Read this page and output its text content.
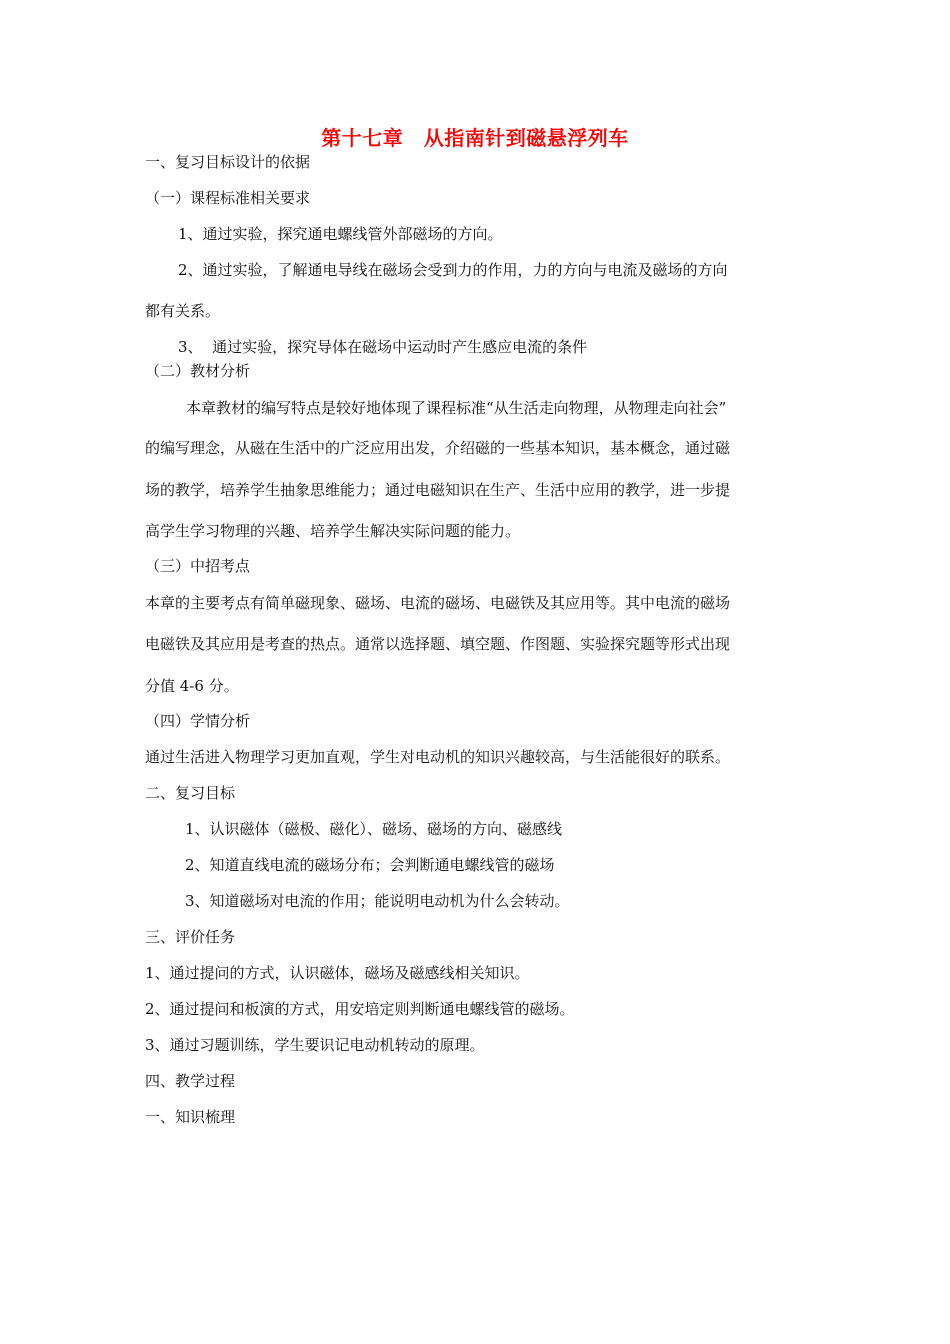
第十七章　从指南针到磁悬浮列车
一、复习目标设计的依据
（一）课程标准相关要求
1、通过实验，探究通电螺线管外部磁场的方向。
2、通过实验，了解通电导线在磁场会受到力的作用，力的方向与电流及磁场的方向
都有关系。
3、  通过实验，探究导体在磁场中运动时产生感应电流的条件
（二）教材分析
本章教材的编写特点是较好地体现了课程标准“从生活走向物理，从物理走向社会”
的编写理念，从磁在生活中的广泛应用出发，介绍磁的一些基本知识，基本概念，通过磁
场的教学，培养学生抽象思维能力；通过电磁知识在生产、生活中应用的教学，进一步提
高学生学习物理的兴趣、培养学生解决实际问题的能力。
（三）中招考点
本章的主要考点有简单磁现象、磁场、电流的磁场、电磁铁及其应用等。其中电流的磁场
电磁铁及其应用是考查的热点。通常以选择题、填空题、作图题、实验探究题等形式出现
分值 4-6 分。
（四）学情分析
通过生活进入物理学习更加直观，学生对电动机的知识兴趣较高，与生活能很好的联系。
二、复习目标
1、认识磁体（磁极、磁化）、磁场、磁场的方向、磁感线
2、知道直线电流的磁场分布；会判断通电螺线管的磁场
3、知道磁场对电流的作用；能说明电动机为什么会转动。
三、评价任务
1、通过提问的方式，认识磁体，磁场及磁感线相关知识。
2、通过提问和板演的方式，用安培定则判断通电螺线管的磁场。
3、通过习题训练，学生要识记电动机转动的原理。
四、教学过程
一、知识梳理
